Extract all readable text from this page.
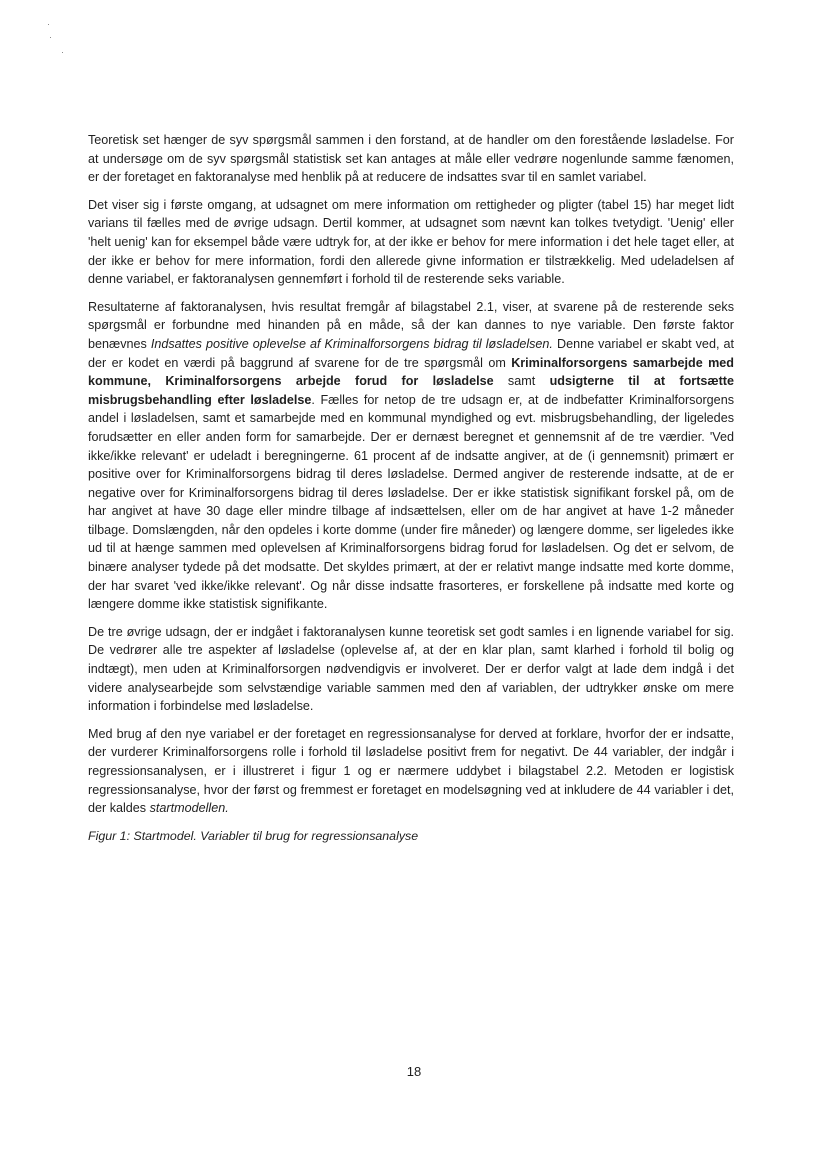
Teoretisk set hænger de syv spørgsmål sammen i den forstand, at de handler om den forestående løsladelse. For at undersøge om de syv spørgsmål statistisk set kan antages at måle eller vedrøre nogenlunde samme fænomen, er der foretaget en faktoranalyse med henblik på at reducere de indsattes svar til en samlet variabel.

Det viser sig i første omgang, at udsagnet om mere information om rettigheder og pligter (tabel 15) har meget lidt varians til fælles med de øvrige udsagn. Dertil kommer, at udsagnet som nævnt kan tolkes tvetydigt. 'Uenig' eller 'helt uenig' kan for eksempel både være udtryk for, at der ikke er behov for mere information i det hele taget eller, at der ikke er behov for mere information, fordi den allerede givne information er tilstrækkelig. Med udeladelsen af denne variabel, er faktoranalysen gennemført i forhold til de resterende seks variable.

Resultaterne af faktoranalysen, hvis resultat fremgår af bilagstabel 2.1, viser, at svarene på de resterende seks spørgsmål er forbundne med hinanden på en måde, så der kan dannes to nye variable. Den første faktor benævnes Indsattes positive oplevelse af Kriminalforsorgens bidrag til løsladelsen. Denne variabel er skabt ved, at der er kodet en værdi på baggrund af svarene for de tre spørgsmål om Kriminalforsorgens samarbejde med kommune, Kriminalforsorgens arbejde forud for løsladelse samt udsigterne til at fortsætte misbrugsbehandling efter løsladelse. Fælles for netop de tre udsagn er, at de indbefatter Kriminalforsorgens andel i løsladelsen, samt et samarbejde med en kommunal myndighed og evt. misbrugsbehandling, der ligeledes forudsætter en eller anden form for samarbejde. Der er dernæst beregnet et gennemsnit af de tre værdier. 'Ved ikke/ikke relevant' er udeladt i beregningerne. 61 procent af de indsatte angiver, at de (i gennemsnit) primært er positive over for Kriminalforsorgens bidrag til deres løsladelse. Dermed angiver de resterende indsatte, at de er negative over for Kriminalforsorgens bidrag til deres løsladelse. Der er ikke statistisk signifikant forskel på, om de har angivet at have 30 dage eller mindre tilbage af indsættelsen, eller om de har angivet at have 1-2 måneder tilbage. Domslængden, når den opdeles i korte domme (under fire måneder) og længere domme, ser ligeledes ikke ud til at hænge sammen med oplevelsen af Kriminalforsorgens bidrag forud for løsladelsen. Og det er selvom, de binære analyser tydede på det modsatte. Det skyldes primært, at der er relativt mange indsatte med korte domme, der har svaret 'ved ikke/ikke relevant'. Og når disse indsatte frasorteres, er forskellene på indsatte med korte og længere domme ikke statistisk signifikante.

De tre øvrige udsagn, der er indgået i faktoranalysen kunne teoretisk set godt samles i en lignende variabel for sig. De vedrører alle tre aspekter af løsladelse (oplevelse af, at der en klar plan, samt klarhed i forhold til bolig og indtægt), men uden at Kriminalforsorgen nødvendigvis er involveret. Der er derfor valgt at lade dem indgå i det videre analysearbejde som selvstændige variable sammen med den af variablen, der udtrykker ønske om mere information i forbindelse med løsladelse.

Med brug af den nye variabel er der foretaget en regressionsanalyse for derved at forklare, hvorfor der er indsatte, der vurderer Kriminalforsorgens rolle i forhold til løsladelse positivt frem for negativt. De 44 variabler, der indgår i regressionsanalysen, er i illustreret i figur 1 og er nærmere uddybet i bilagstabel 2.2. Metoden er logistisk regressionsanalyse, hvor der først og fremmest er foretaget en modelsøgning ved at inkludere de 44 variabler i det, der kaldes startmodellen.

Figur 1: Startmodel. Variabler til brug for regressionsanalyse
18
